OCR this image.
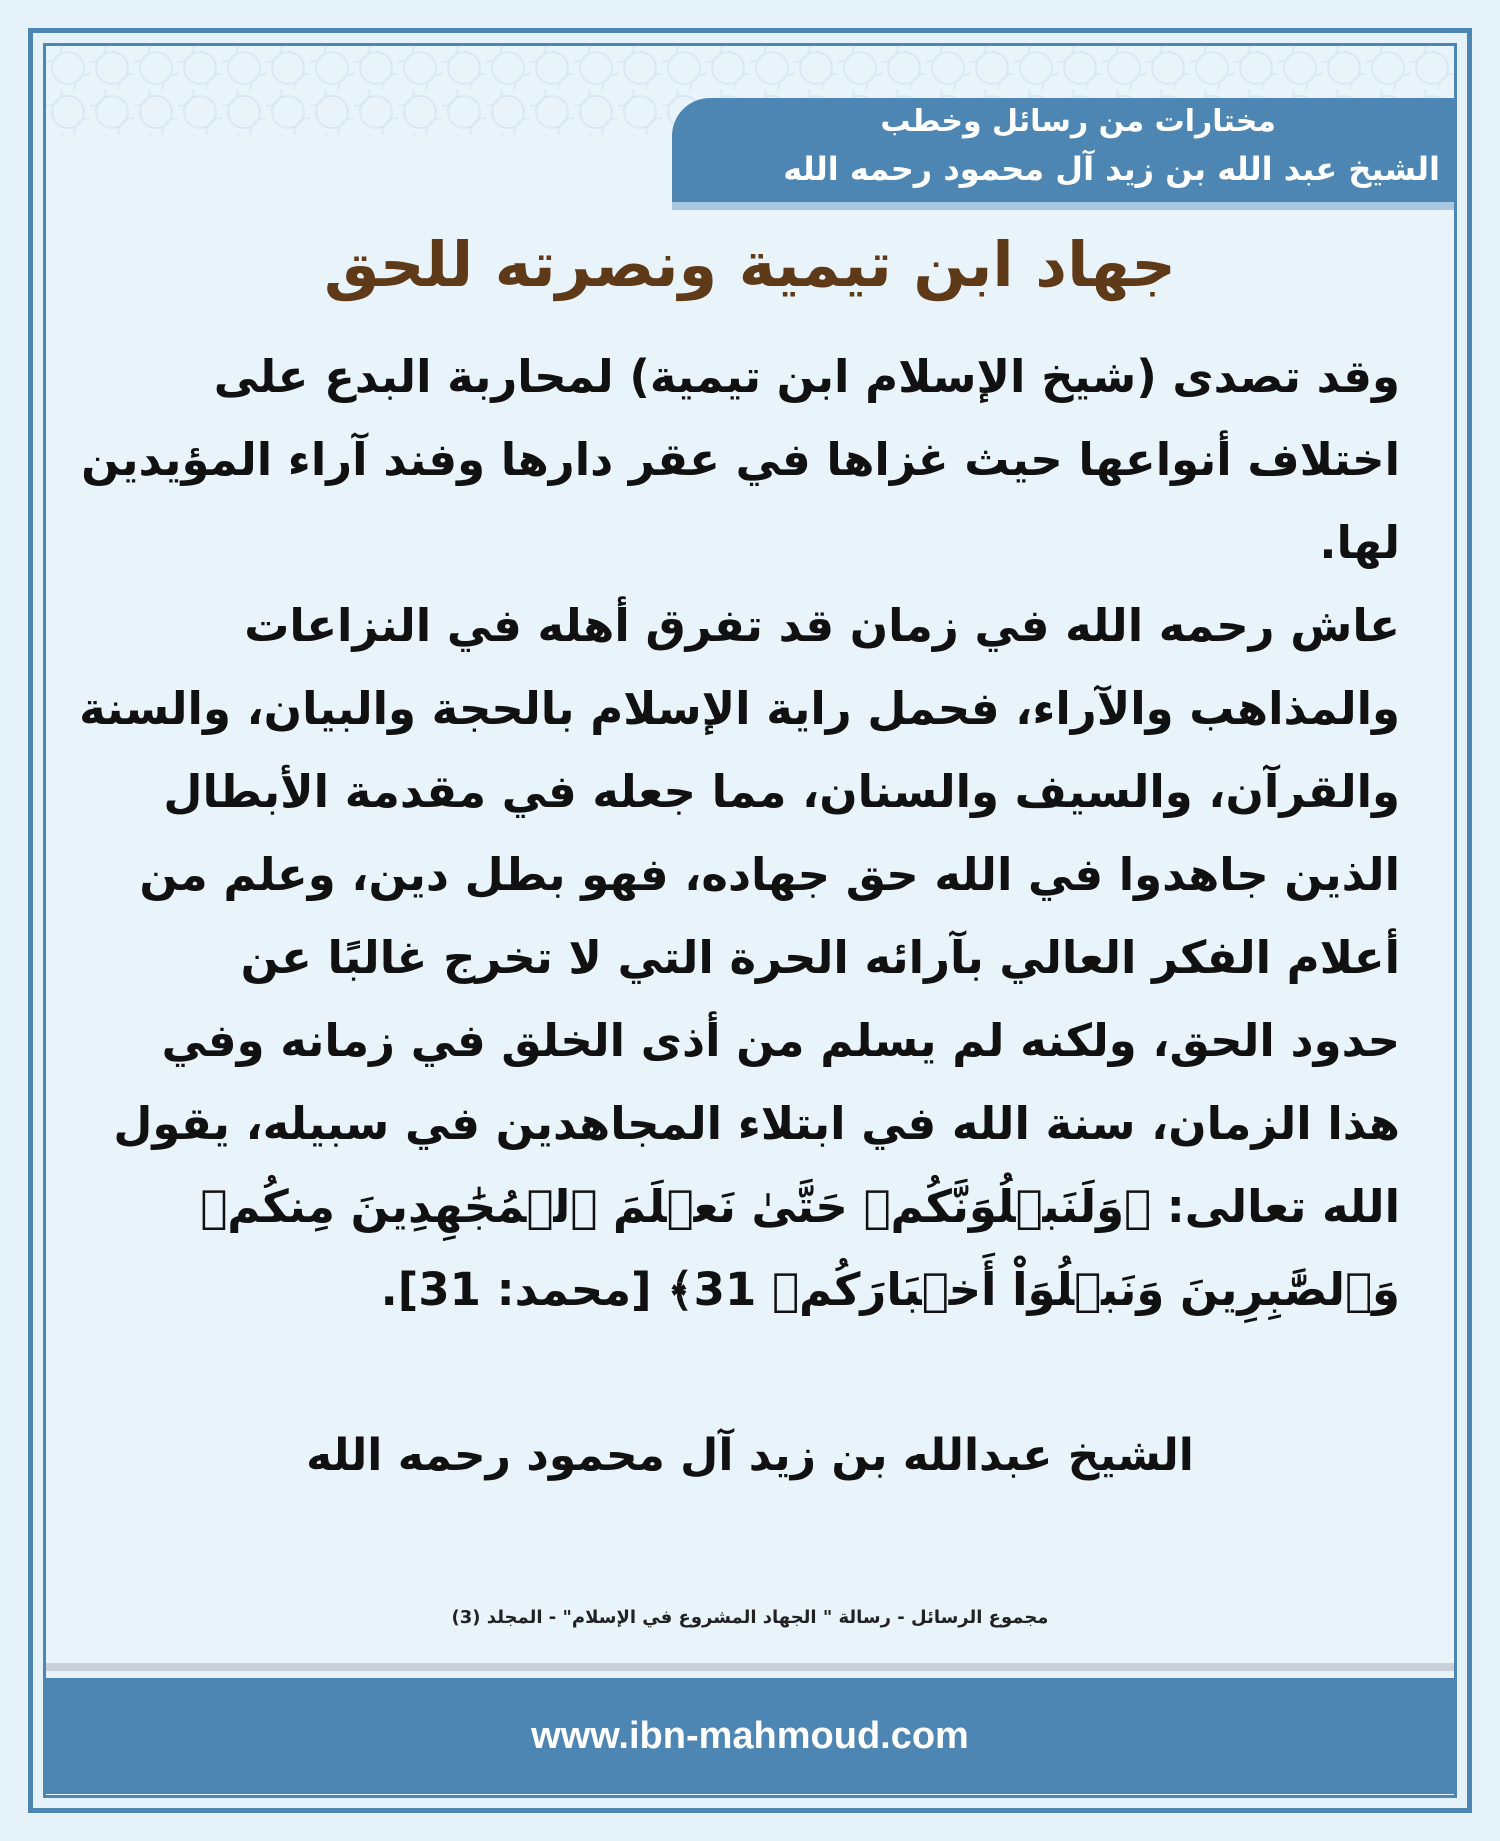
مختارات من رسائل وخطب
الشيخ عبد الله بن زيد آل محمود رحمه الله
جهاد ابن تيمية ونصرته للحق
وقد تصدى (شيخ الإسلام ابن تيمية) لمحاربة البدع على
اختلاف أنواعها حيث غزاها في عقر دارها وفند آراء المؤيدين
لها.
عاش رحمه الله في زمان قد تفرق أهله في النزاعات
والمذاهب والآراء، فحمل راية الإسلام بالحجة والبيان، والسنة
والقرآن، والسيف والسنان، مما جعله في مقدمة الأبطال
الذين جاهدوا في الله حق جهاده، فهو بطل دين، وعلم من
أعلام الفكر العالي بآرائه الحرة التي لا تخرج غالبًا عن
حدود الحق، ولكنه لم يسلم من أذى الخلق في زمانه وفي
هذا الزمان، سنة الله في ابتلاء المجاهدين في سبيله، يقول
الله تعالى: ﴿وَلَنَبۡلُوَنَّكُمۡ حَتَّىٰ نَعۡلَمَ ٱلۡمُجَٰهِدِينَ مِنكُمۡ
وَٱلصَّٰبِرِينَ وَنَبۡلُوَاْ أَخۡبَارَكُمۡ 31﴾ [محمد: 31].
الشيخ عبدالله بن زيد آل محمود رحمه الله
مجموع الرسائل - رسالة " الجهاد المشروع في الإسلام" - المجلد (3)
www.ibn-mahmoud.com
